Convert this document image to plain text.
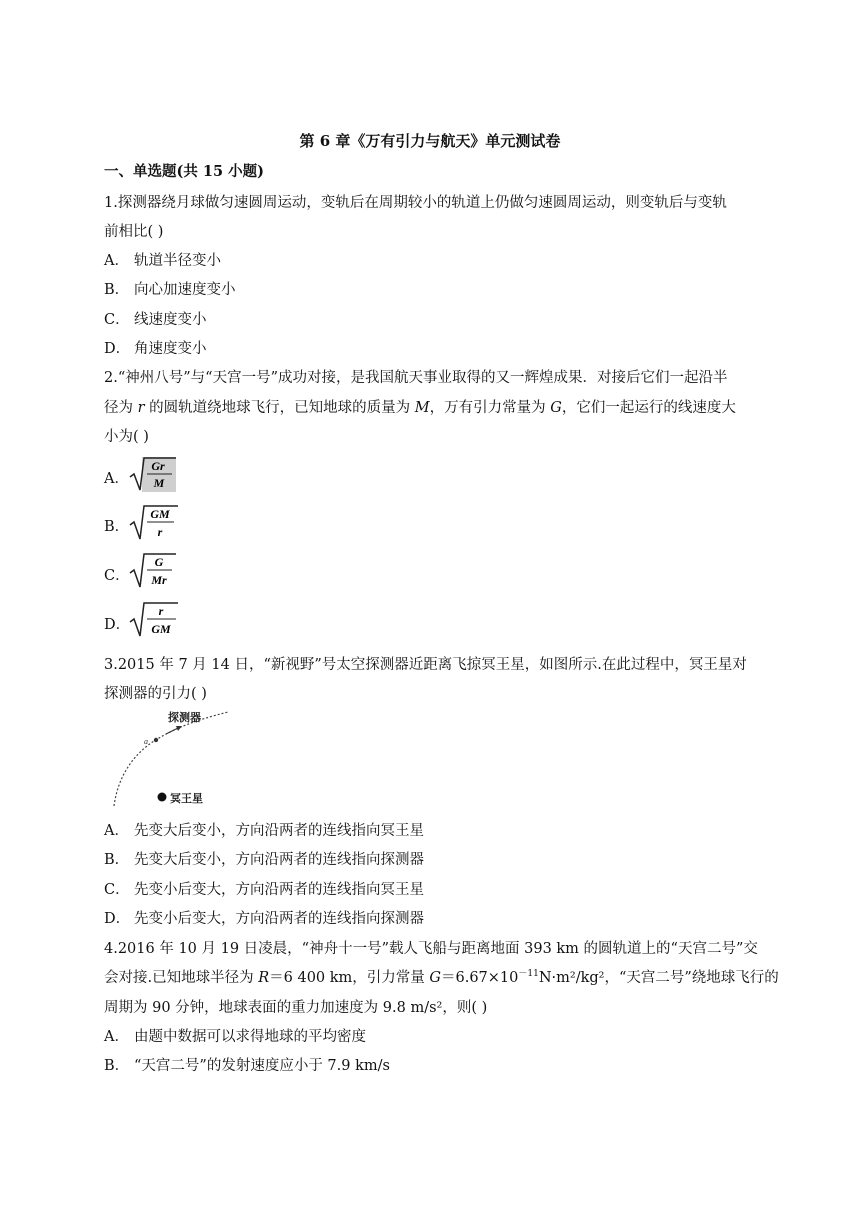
第 6 章《万有引力与航天》单元测试卷
一、单选题(共 15 小题)
1.探测器绕月球做匀速圆周运动，变轨后在周期较小的轨道上仍做匀速圆周运动，则变轨后与变轨
前相比( )
A． 轨道半径变小
B． 向心加速度变小
C． 线速度变小
D． 角速度变小
2.“神州八号”与“天宫一号”成功对接，是我国航天事业取得的又一辉煌成果．对接后它们一起沿半
径为 r 的圆轨道绕地球飞行，已知地球的质量为 M，万有引力常量为 G，它们一起运行的线速度大
小为( )
A．
Gr
M
B．
GM
r
C．
G
Mr
D．
r
GM
3.2015 年 7 月 14 日，“新视野”号太空探测器近距离飞掠冥王星，如图所示.在此过程中，冥王星对
探测器的引力( )
a
探测器
冥王星
A． 先变大后变小，方向沿两者的连线指向冥王星
B． 先变大后变小，方向沿两者的连线指向探测器
C． 先变小后变大，方向沿两者的连线指向冥王星
D． 先变小后变大，方向沿两者的连线指向探测器
4.2016 年 10 月 19 日凌晨，“神舟十一号”载人飞船与距离地面 393 km 的圆轨道上的“天宫二号”交
会对接.已知地球半径为 R＝6 400 km，引力常量 $G=6.67\times 10^{-11}N\cdot m^2$/kg²，“天宫二号”绕地球飞行的
周期为 90 分钟，地球表面的重力加速度为 9.8 m/s²，则( )
A． 由题中数据可以求得地球的平均密度
B． “天宫二号”的发射速度应小于 7.9 km/s
